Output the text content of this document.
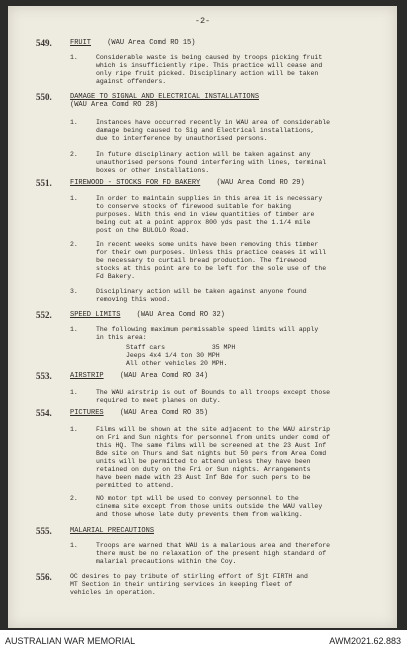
-2-
549.	FRUIT (WAU Area Comd RO 15)
1.	Considerable waste is being caused by troops picking fruit
which is insufficiently ripe. This practice will cease and
only ripe fruit picked. Disciplinary action will be taken
against offenders.
550.	DAMAGE TO SIGNAL AND ELECTRICAL INSTALLATIONS
(WAU Area Comd RO 28)
1.	Instances have occurred recently in WAU area of considerable
damage being caused to Sig and Electrical installations,
due to interference by unauthorised persons.
2.	In future disciplinary action will be taken against any
unauthorised persons found interfering with lines, terminal
boxes or other installations.
551.	FIREWOOD - STOCKS FOR FD BAKERY (WAU Area Comd RO 29)
1.	In order to maintain supplies in this area it is necessary
to conserve stocks of firewood suitable for baking
purposes. With this end in view quantities of timber are
being cut at a point approx 800 yds past the 1.1/4 mile
post on the BULOLO Road.
2.	In recent weeks some units have been removing this timber
for their own purposes. Unless this practice ceases it will
be necessary to curtail bread production. The firewood
stocks at this point are to be left for the sole use of the
Fd Bakery.
3.	Disciplinary action will be taken against anyone found
removing this wood.
552.	SPEED LIMITS (WAU Area Comd RO 32)
1.	The following maximum permissable speed limits will apply
in this area:
Staff cars            35 MPH
Jeeps 4x4 1/4 ton 30 MPH
All other vehicles 20 MPH.
553.	AIRSTRIP (WAU Area Comd RO 34)
1.	The WAU airstrip is out of Bounds to all troops except those
required to meet planes on duty.
554.	PICTURES (WAU Area Comd RO 35)
1.	Films will be shown at the site adjacent to the WAU airstrip
on Fri and Sun nights for personnel from units under comd of
this HQ. The same films will be screened at the 23 Aust Inf
Bde site on Thurs and Sat nights but 50 pers from Area Comd
units will be permitted to attend unless they have been
retained on duty on the Fri or Sun nights. Arrangements
have been made with 23 Aust Inf Bde for such pers to be
permitted to attend.
2.	NO motor tpt will be used to convey personnel to the
cinema site except from those units outside the WAU valley
and those whose late duty prevents them from walking.
555.	MALARIAL PRECAUTIONS
1.	Troops are warned that WAU is a malarious area and therefore
there must be no relaxation of the present high standard of
malarial precautions within the Coy.
556.	OC desires to pay tribute of stirling effort of Sjt FIRTH and
MT Section in their untiring services in keeping fleet of
vehicles in operation.
AUSTRALIAN WAR MEMORIAL	AWM2021.62.883
